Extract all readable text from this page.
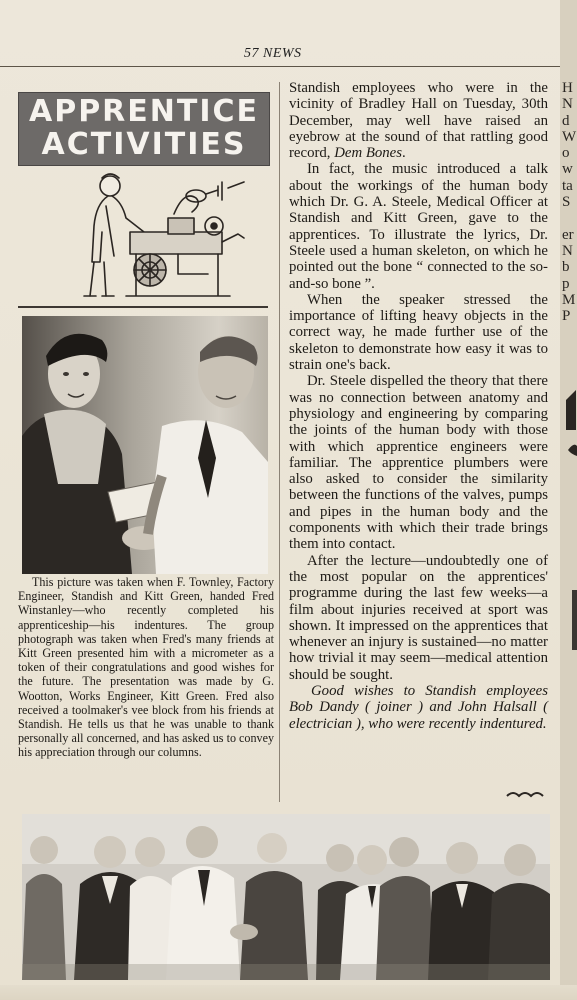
57 NEWS
APPRENTICE
ACTIVITIES
This picture was taken when F. Townley, Factory Engineer, Standish and Kitt Green, handed Fred Winstanley—who recently completed his apprenticeship—his indentures. The group photograph was taken when Fred's many friends at Kitt Green presented him with a micrometer as a token of their congratulations and good wishes for the future. The presentation was made by G. Wootton, Works Engineer, Kitt Green. Fred also received a toolmaker's vee block from his friends at Standish. He tells us that he was unable to thank personally all concerned, and has asked us to convey his appreciation through our columns.

Standish employees who were in the vicinity of Bradley Hall on Tuesday, 30th December, may well have raised an eyebrow at the sound of that rattling good record, Dem Bones.

In fact, the music introduced a talk about the workings of the human body which Dr. G. A. Steele, Medical Officer at Standish and Kitt Green, gave to the apprentices. To illustrate the lyrics, Dr. Steele used a human skeleton, on which he pointed out the bone “ connected to the so-and-so bone ”.

When the speaker stressed the importance of lifting heavy objects in the correct way, he made further use of the skeleton to demonstrate how easy it was to strain one's back.

Dr. Steele dispelled the theory that there was no connection between anatomy and physiology and engineering by comparing the joints of the human body with those with which apprentice engineers were familiar. The apprentice plumbers were also asked to consider the similarity between the functions of the valves, pumps and pipes in the human body and the components with which their trade brings them into contact.

After the lecture—undoubtedly one of the most popular on the apprentices' programme during the last few weeks—a film about injuries received at sport was shown. It impressed on the apprentices that whenever an injury is sustained—no matter how trivial it may seem—medical attention should be sought.

Good wishes to Standish employees Bob Dandy ( joiner ) and John Halsall ( electrician ), who were recently indentured.

H
N
d
W
o
w
ta
S

er
N
b
p
M
P
